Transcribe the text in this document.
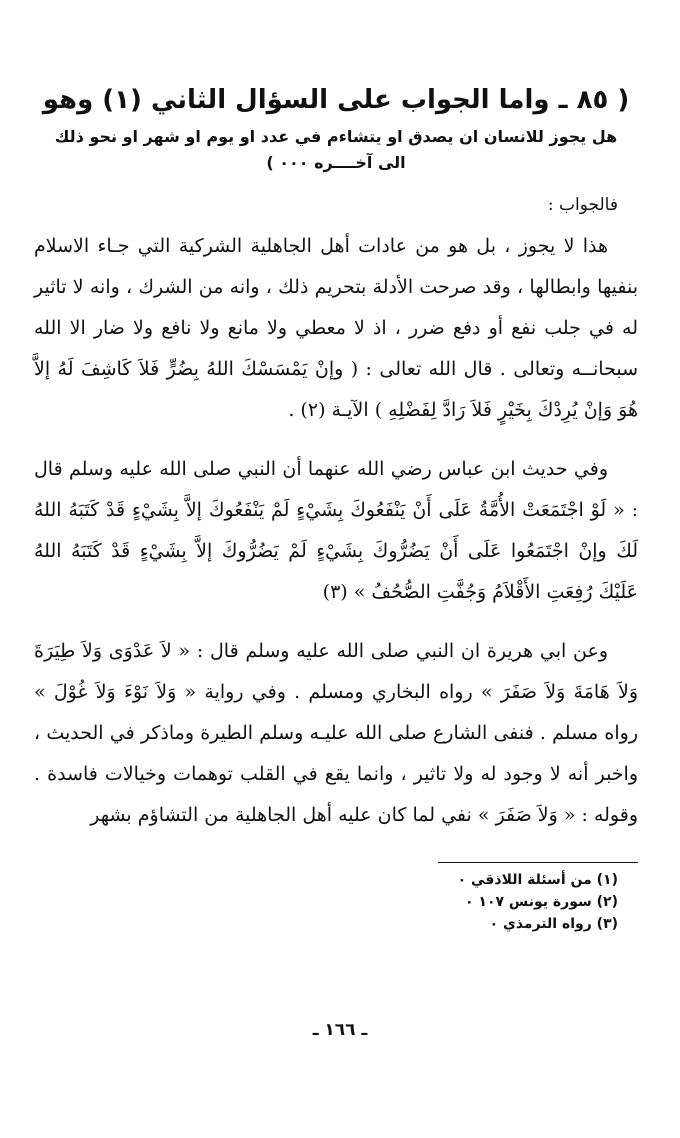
( ٨٥ ـ واما الجواب على السؤال الثاني (١) وهو

هل يجوز للانسان ان يصدق او يتشاءم في عدد او يوم او شهر او نحو ذلك

الى آخــــره ٠٠٠ )

فالجواب :

هذا لا يجوز ، بل هو من عادات أهل الجاهلية الشركية التي جـاء الاسلام بنفيها وابطالها ، وقد صرحت الأدلة بتحريم ذلك ، وانه من الشرك ، وانه لا تاثير له في جلب نفع أو دفع ضرر ، اذ لا معطي ولا مانع ولا نافع ولا ضار الا الله سبحانــه وتعالى . قال الله تعالى : ( وإنْ يَمْسَسْكَ اللهُ بِضُرٍّ فَلاَ كَاشِفَ لَهُ إلاَّ هُوَ وَإنْ يُرِدْكَ بِخَيْرٍ فَلاَ رَادَّ لِفَضْلِهِ ) الآيـة (٢) .

وفي حديث ابن عباس رضي الله عنهما أن النبي صلى الله عليه وسلم قال : « لَوْ اجْتَمَعَتْ الأُمَّةُ عَلَى أَنْ يَنْفَعُوكَ بِشَيْءٍ لَمْ يَنْفَعُوكَ إلاَّ بِشَيْءٍ قَدْ كَتَبَهُ اللهُ لَكَ وإنْ اجْتَمَعُوا عَلَى أَنْ يَضُرُّوكَ بِشَيْءٍ لَمْ يَضُرُّوكَ إلاَّ بِشَيْءٍ قَدْ كَتَبَهُ اللهُ عَلَيْكَ رُفِعَتِ الأَقْلاَمُ وَجُفَّتِ الصُّحُفُ » (٣)

وعن ابي هريرة ان النبي صلى الله عليه وسلم قال : « لاَ عَدْوَى وَلاَ طِيَرَةَ وَلاَ هَامَةَ وَلاَ صَفَرَ » رواه البخاري ومسلم . وفي رواية « وَلاَ نَوْءَ وَلاَ غُوْلَ » رواه مسلم . فنفى الشارع صلى الله عليـه وسلم الطيرة وماذكر في الحديث ، واخبر أنه لا وجود له ولا تاثير ، وانما يقع في القلب توهمات وخيالات فاسدة . وقوله : « وَلاَ صَفَرَ » نفي لما كان عليه أهل الجاهلية من التشاؤم بشهر

(١) من أسئلة اللاذقي ٠
(٢) سورة يونس ١٠٧ ٠
(٣) رواه الترمذي ٠
ـ ١٦٦ ـ
